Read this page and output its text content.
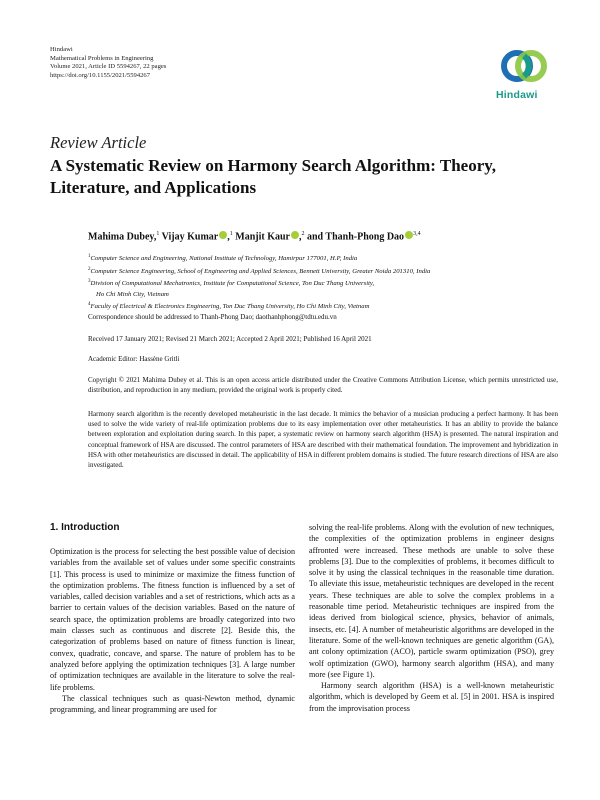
Hindawi
Mathematical Problems in Engineering
Volume 2021, Article ID 5594267, 22 pages
https://doi.org/10.1155/2021/5594267
Hindawi
Review Article
A Systematic Review on Harmony Search Algorithm: Theory,
Literature, and Applications
Mahima Dubey,$^1$ Vijay Kumar ,$^1$ Manjit Kaur ,$^2$ and Thanh-Phong Dao $^{3,4}$
$^1$Computer Science and Engineering, National Institute of Technology, Hamirpur 177001, H.P, India
$^2$Computer Science Engineering, School of Engineering and Applied Sciences, Bennett University, Greater Noida 201310, India
$^3$Division of Computational Mechatronics, Institute for Computational Science, Ton Duc Thang University,
Ho Chi Minh City, Vietnam
$^4$Faculty of Electrical & Electronics Engineering, Ton Duc Thang University, Ho Chi Minh City, Vietnam
Correspondence should be addressed to Thanh-Phong Dao; daothanhphong@tdtu.edu.vn
Received 17 January 2021; Revised 21 March 2021; Accepted 2 April 2021; Published 16 April 2021
Academic Editor: Hassène Gritli
Copyright © 2021 Mahima Dubey et al. This is an open access article distributed under the Creative Commons Attribution License, which permits unrestricted use, distribution, and reproduction in any medium, provided the original work is properly cited.
Harmony search algorithm is the recently developed metaheuristic in the last decade. It mimics the behavior of a musician producing a perfect harmony. It has been used to solve the wide variety of real-life optimization problems due to its easy implementation over other metaheuristics. It has an ability to provide the balance between exploration and exploitation during search. In this paper, a systematic review on harmony search algorithm (HSA) is presented. The natural inspiration and conceptual framework of HSA are discussed. The control parameters of HSA are described with their mathematical foundation. The improvement and hybridization in HSA with other metaheuristics are discussed in detail. The applicability of HSA in different problem domains is studied. The future research directions of HSA are also investigated.

1. Introduction

Optimization is the process for selecting the best possible value of decision variables from the available set of values under some specific constraints [1]. This process is used to minimize or maximize the fitness function of the optimization problems. The fitness function is influenced by a set of variables, called decision variables and a set of restrictions, which acts as a barrier to certain values of the decision variables. Based on the nature of search space, the optimization problems are broadly categorized into two main classes such as continuous and discrete [2]. Beside this, the categorization of problems based on nature of fitness function is linear, convex, quadratic, concave, and sparse. The nature of problem has to be analyzed before applying the optimization techniques [3]. A large number of optimization techniques are available in the literature to solve the real-life problems.

The classical techniques such as quasi-Newton method, dynamic programming, and linear programming are used for

solving the real-life problems. Along with the evolution of new techniques, the complexities of the optimization problems in engineer designs affronted were increased. These methods are unable to solve these problems [3]. Due to the complexities of problems, it becomes difficult to solve it by using the classical techniques in the reasonable time duration. To alleviate this issue, metaheuristic techniques are developed in the recent years. These techniques are able to solve the complex problems in a reasonable time period. Metaheuristic techniques are inspired from the ideas derived from biological science, physics, behavior of animals, insects, etc. [4]. A number of metaheuristic algorithms are developed in the literature. Some of the well-known techniques are genetic algorithm (GA), ant colony optimization (ACO), particle swarm optimization (PSO), grey wolf optimization (GWO), harmony search algorithm (HSA), and many more (see Figure 1).

Harmony search algorithm (HSA) is a well-known metaheuristic algorithm, which is developed by Geem et al. [5] in 2001. HSA is inspired from the improvisation process
